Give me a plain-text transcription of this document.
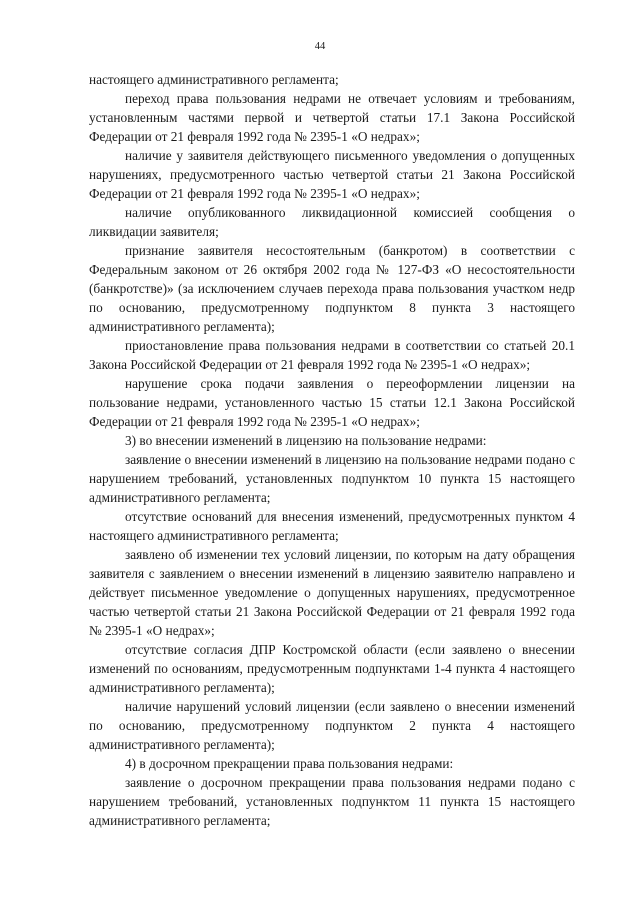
44

настоящего административного регламента;

переход права пользования недрами не отвечает условиям и требованиям, установленным частями первой и четвертой статьи 17.1 Закона Российской Федерации от 21 февраля 1992 года № 2395-1 «О недрах»;

наличие у заявителя действующего письменного уведомления о допущенных нарушениях, предусмотренного частью четвертой статьи 21 Закона Российской Федерации от 21 февраля 1992 года № 2395-1 «О недрах»;

наличие опубликованного ликвидационной комиссией сообщения о ликвидации заявителя;

признание заявителя несостоятельным (банкротом) в соответствии с Федеральным законом от 26 октября 2002 года № 127-ФЗ «О несостоятельности (банкротстве)» (за исключением случаев перехода права пользования участком недр по основанию, предусмотренному подпунктом 8 пункта 3 настоящего административного регламента);

приостановление права пользования недрами в соответствии со статьей 20.1 Закона Российской Федерации от 21 февраля 1992 года № 2395-1 «О недрах»;

нарушение срока подачи заявления о переоформлении лицензии на пользование недрами, установленного частью 15 статьи 12.1 Закона Российской Федерации от 21 февраля 1992 года № 2395-1 «О недрах»;

3) во внесении изменений в лицензию на пользование недрами:

заявление о внесении изменений в лицензию на пользование недрами подано с нарушением требований, установленных подпунктом 10 пункта 15 настоящего административного регламента;

отсутствие оснований для внесения изменений, предусмотренных пунктом 4 настоящего административного регламента;

заявлено об изменении тех условий лицензии, по которым на дату обращения заявителя с заявлением о внесении изменений в лицензию заявителю направлено и действует письменное уведомление о допущенных нарушениях, предусмотренное частью четвертой статьи 21 Закона Российской Федерации от 21 февраля 1992 года № 2395-1 «О недрах»;

отсутствие согласия ДПР Костромской области (если заявлено о внесении изменений по основаниям, предусмотренным подпунктами 1-4 пункта 4 настоящего административного регламента);

наличие нарушений условий лицензии (если заявлено о внесении изменений по основанию, предусмотренному подпунктом 2 пункта 4 настоящего административного регламента);

4) в досрочном прекращении права пользования недрами:

заявление о досрочном прекращении права пользования недрами подано с нарушением требований, установленных подпунктом 11 пункта 15 настоящего административного регламента;
